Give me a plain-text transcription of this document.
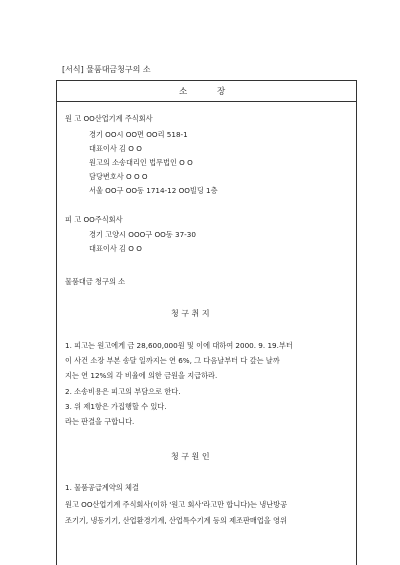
[서식] 물품대금청구의 소
소	장
원 고 OO산업기계 주식회사
경기 OO시 OO면 OO리 518-1
대표이사 김 O O
원고의 소송대리인 법무법인 O O
담당변호사 O O O
서울 OO구 OO동 1714-12 OO빌딩 1층
피 고 OO주식회사
경기 고양시 OOO구 OO동 37-30
대표이사 김 O O
물품대금 청구의 소
청 구 취 지
1. 피고는 원고에게 금 28,600,000원 및 이에 대하여 2000. 9. 19.부터
이 사건 소장 부본 송달 일까지는 연 6%, 그 다음날부터 다 갚는 날까
지는 연 12%의 각 비율에 의한 금원을 지급하라.
2. 소송비용은 피고의 부담으로 한다.
3. 위 제1항은 가집행할 수 있다.
라는 판결을 구합니다.
청 구 원 인
1. 물품공급계약의 체결
원고 OO산업기계 주식회사(이하 '원고 회사'라고만 합니다)는 냉난방공
조기기, 냉동기기, 산업환경기계, 산업특수기계 등의 제조판매업을 영위
